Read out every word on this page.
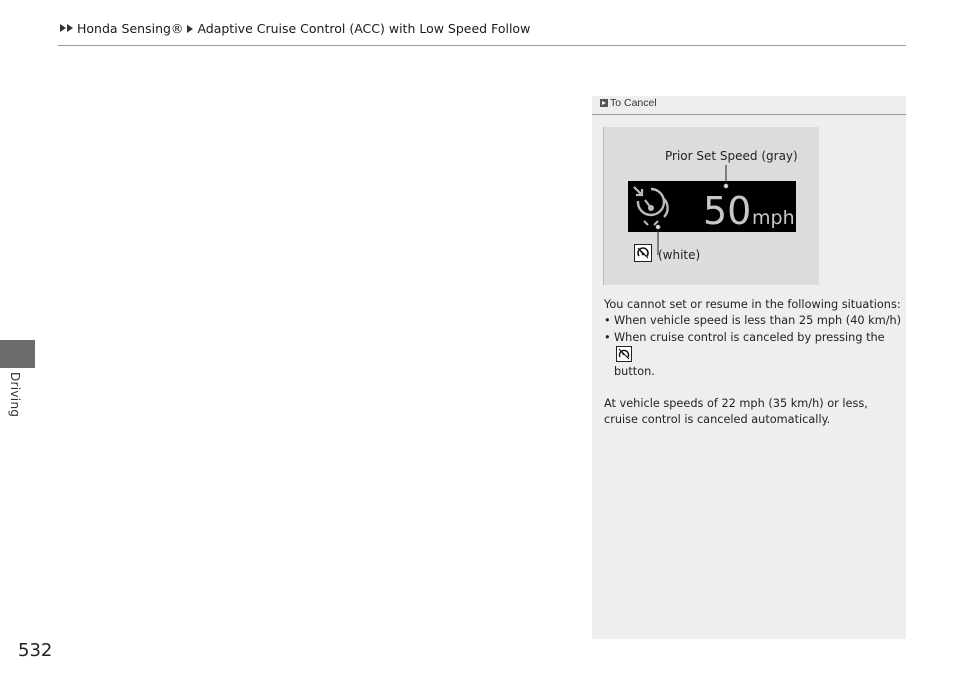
Honda Sensing® Adaptive Cruise Control (ACC) with Low Speed Follow
Driving
532
To Cancel
Prior Set Speed (gray)
50 mph
(white)

You cannot set or resume in the following situations:

• When vehicle speed is less than 25 mph (40 km/h)
• When cruise control is canceled by pressing the
button.

At vehicle speeds of 22 mph (35 km/h) or less, cruise control is canceled automatically.
